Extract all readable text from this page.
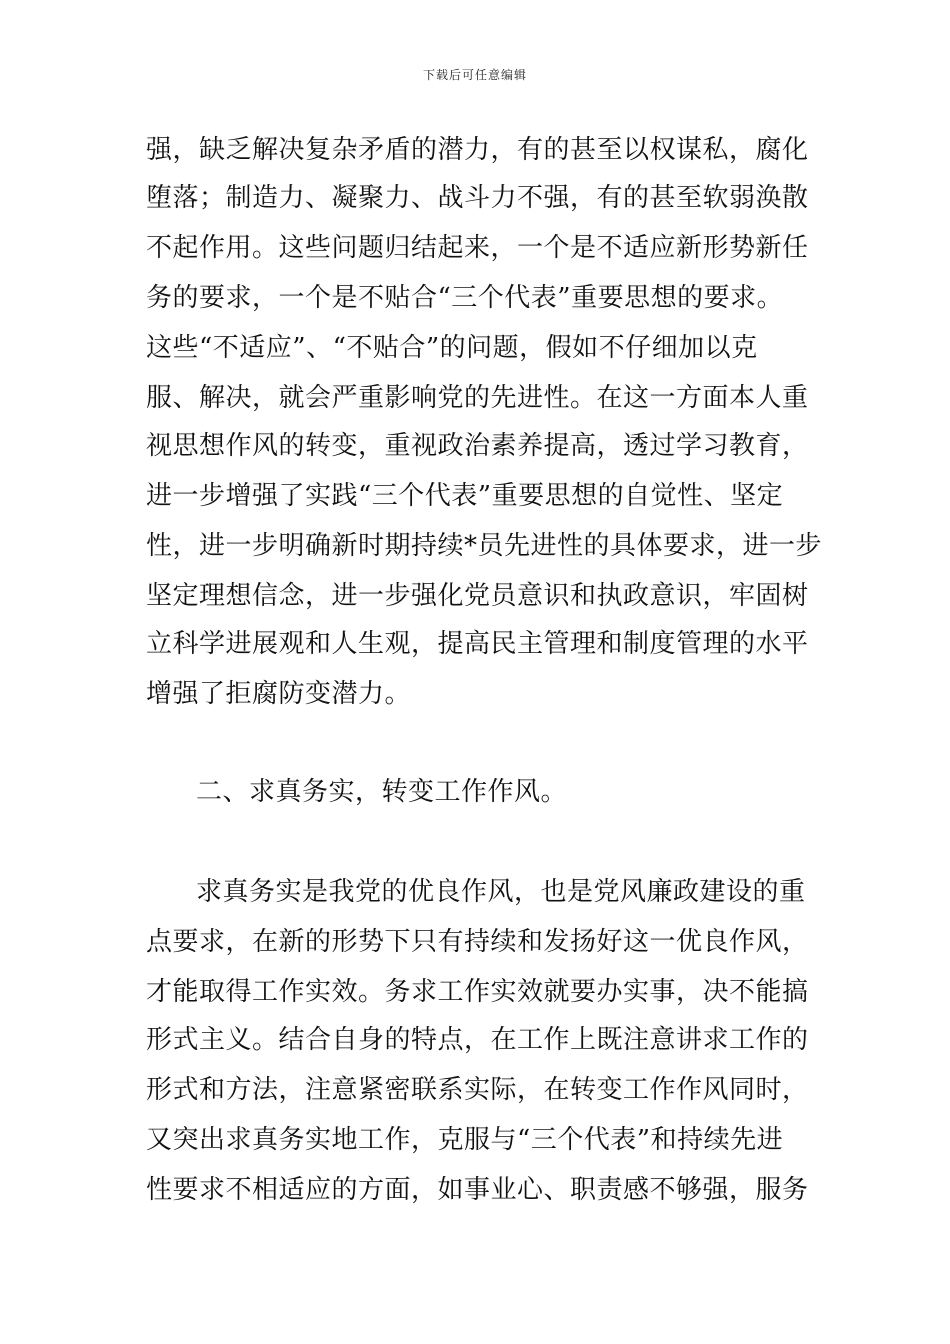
下载后可任意编辑
强，缺乏解决复杂矛盾的潜力，有的甚至以权谋私，腐化
堕落；制造力、凝聚力、战斗力不强，有的甚至软弱涣散
不起作用。这些问题归结起来，一个是不适应新形势新任
务的要求，一个是不贴合“三个代表”重要思想的要求。
这些“不适应”、“不贴合”的问题，假如不仔细加以克
服、解决，就会严重影响党的先进性。在这一方面本人重
视思想作风的转变，重视政治素养提高，透过学习教育，
进一步增强了实践“三个代表”重要思想的自觉性、坚定
性，进一步明确新时期持续*员先进性的具体要求，进一步
坚定理想信念，进一步强化党员意识和执政意识，牢固树
立科学进展观和人生观，提高民主管理和制度管理的水平
增强了拒腐防变潜力。
二、求真务实，转变工作作风。
求真务实是我党的优良作风，也是党风廉政建设的重
点要求，在新的形势下只有持续和发扬好这一优良作风，
才能取得工作实效。务求工作实效就要办实事，决不能搞
形式主义。结合自身的特点，在工作上既注意讲求工作的
形式和方法，注意紧密联系实际，在转变工作作风同时，
又突出求真务实地工作，克服与“三个代表”和持续先进
性要求不相适应的方面，如事业心、职责感不够强，服务
